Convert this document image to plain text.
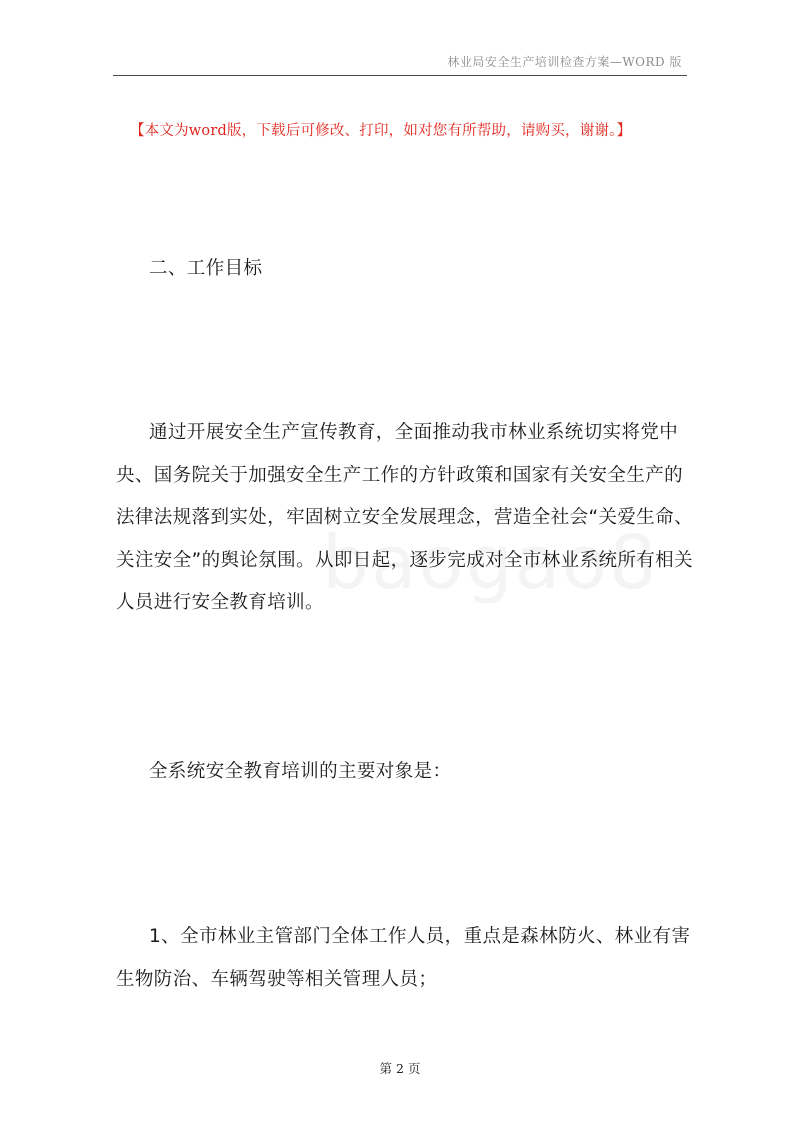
林业局安全生产培训检查方案—WORD 版
【本文为word版，下载后可修改、打印，如对您有所帮助，请购买，谢谢。】

二、工作目标

通过开展安全生产宣传教育，全面推动我市林业系统切实将党中央、国务院关于加强安全生产工作的方针政策和国家有关安全生产的法律法规落到实处，牢固树立安全发展理念，营造全社会“关爱生命、关注安全”的舆论氛围。从即日起，逐步完成对全市林业系统所有相关人员进行安全教育培训。

全系统安全教育培训的主要对象是：

1、全市林业主管部门全体工作人员，重点是森林防火、林业有害生物防治、车辆驾驶等相关管理人员；

第 2 页
